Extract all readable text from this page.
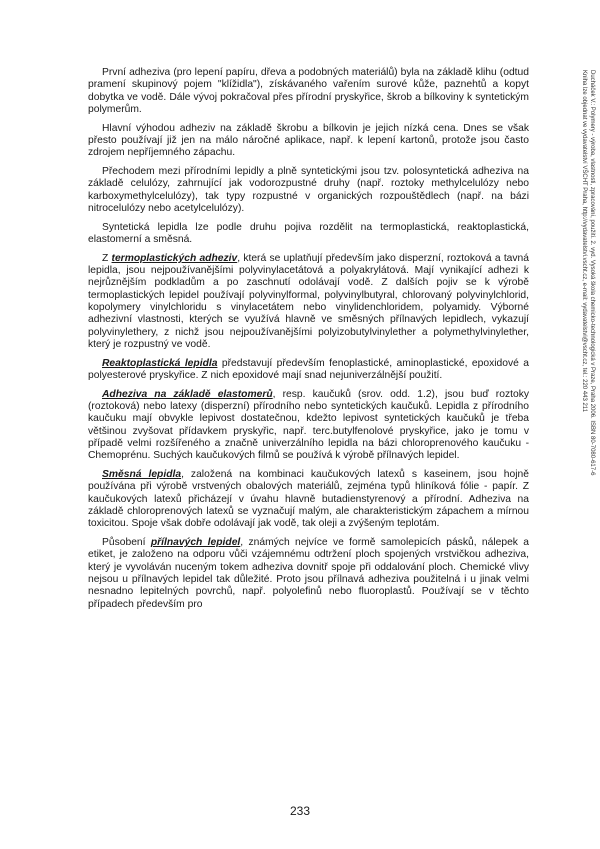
První adheziva (pro lepení papíru, dřeva a podobných materiálů) byla na základě klihu (odtud pramení skupinový pojem "klížidla"), získávaného vařením surové kůže, paznehtů a kopyt dobytka ve vodě. Dále vývoj pokračoval přes přírodní pryskyřice, škrob a bílkoviny k syntetickým polymerům.

Hlavní výhodou adheziv na základě škrobu a bílkovin je jejich nízká cena. Dnes se však přesto používají již jen na málo náročné aplikace, např. k lepení kartonů, protože jsou často zdrojem nepříjemného zápachu.

Přechodem mezi přírodními lepidly a plně syntetickými jsou tzv. polosyntetická adheziva na základě celulózy, zahrnující jak vodorozpustné druhy (např. roztoky methylcelulózy nebo karboxymethylcelulózy), tak typy rozpustné v organických rozpouštědlech (např. na bázi nitrocelulózy nebo acetylcelulózy).

Syntetická lepidla lze podle druhu pojiva rozdělit na termoplastická, reaktoplastická, elastomerní a směsná.

Z termoplastických adheziv, která se uplatňují především jako disperzní, roztoková a tavná lepidla, jsou nejpoužívanějšími polyvinylacetátová a polyakrylátová. Mají vynikající adhezi k nejrůznějším podkladům a po zaschnutí odolávají vodě. Z dalších pojiv se k výrobě termoplastických lepidel používají polyvinylformal, polyvinylbutyral, chlorovaný polyvinylchlorid, kopolymery vinylchloridu s vinylacetátem nebo vinylidenchloridem, polyamidy. Výborné adhezivní vlastnosti, kterých se využívá hlavně ve směsných přílnavých lepidlech, vykazují polyvinylethery, z nichž jsou nejpoužívanějšími polyizobutylvinylether a polymethylvinylether, který je rozpustný ve vodě.

Reaktoplastická lepidla představují především fenoplastické, aminoplastické, epoxidové a polyesterové pryskyřice. Z nich epoxidové mají snad nejuniverzálnější použití.

Adheziva na základě elastomerů, resp. kaučuků (srov. odd. 1.2), jsou buď roztoky (roztoková) nebo latexy (disperzní) přírodního nebo syntetických kaučuků. Lepidla z přírodního kaučuku mají obvykle lepivost dostatečnou, kdežto lepivost syntetických kaučuků je třeba většinou zvyšovat přídavkem pryskyřic, např. terc.butylfenolové pryskyřice, jako je tomu v případě velmi rozšířeného a značně univerzálního lepidla na bázi chloroprenového kaučuku - Chemoprénu. Suchých kaučukových filmů se používá k výrobě přílnavých lepidel.

Směsná lepidla, založená na kombinaci kaučukových latexů s kaseinem, jsou hojně používána při výrobě vrstvených obalových materiálů, zejména typů hliníková fólie - papír. Z kaučukových latexů přicházejí v úvahu hlavně butadienstyrenový a přírodní. Adheziva na základě chloroprenových latexů se vyznačují malým, ale charakteristickým zápachem a mírnou toxicitou. Spoje však dobře odolávají jak vodě, tak oleji a zvýšeným teplotám.

Působení přílnavých lepidel, známých nejvíce ve formě samolepicích pásků, nálepek a etiket, je založeno na odporu vůči vzájemnému odtržení ploch spojených vrstvičkou adheziva, který je vyvoláván nuceným tokem adheziva dovnitř spoje při oddalování ploch. Chemické vlivy nejsou u přílnavých lepidel tak důležité. Proto jsou přílnavá adheziva použitelná i u jinak velmi nesnadno lepitelných povrchů, např. polyolefinů nebo fluoroplastů. Používají se v těchto případech především pro

Ducháček V.: Polymery - výroba, vlastnosti, zpracování, použití. 2. vyd. Vysoká škola chemicko-technologická v Praze, Praha 2006. ISBN 80-7080-617-6
Kniha lze objednat ve vydavatelství VŠCHT Praha, http://vydavatelstvi.vscht.cz, e-mail: vydavatelstvi@vscht.cz, tel.: 220 443 211
233
